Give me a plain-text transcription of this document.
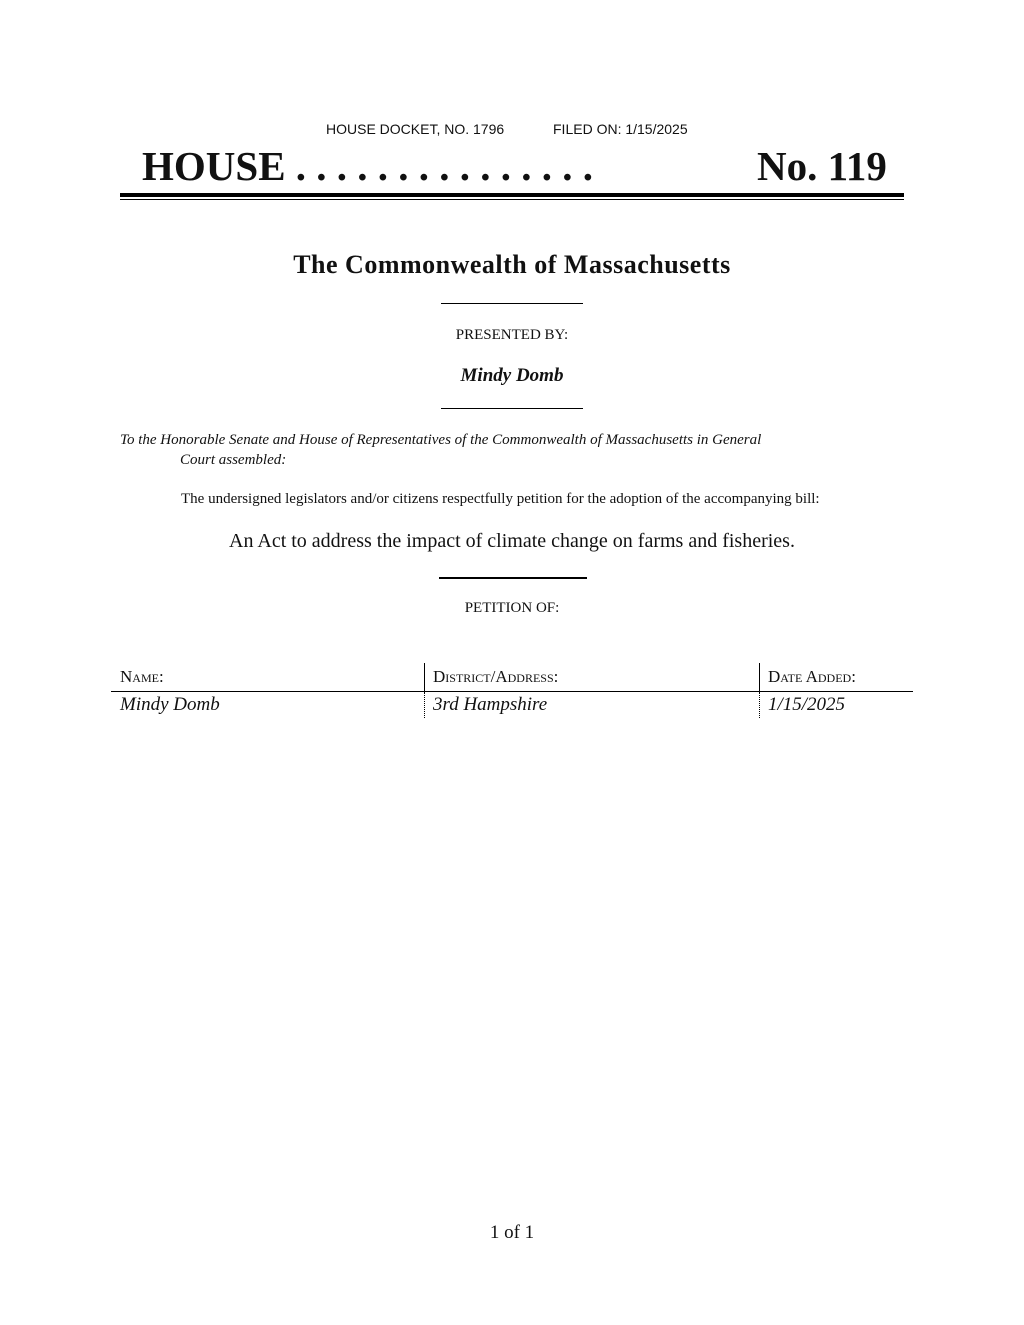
HOUSE DOCKET, NO. 1796	FILED ON: 1/15/2025
HOUSE . . . . . . . . . . . . . . .	No. 119
The Commonwealth of Massachusetts
PRESENTED BY:
Mindy Domb
To the Honorable Senate and House of Representatives of the Commonwealth of Massachusetts in General
Court assembled:
The undersigned legislators and/or citizens respectfully petition for the adoption of the accompanying bill:
An Act to address the impact of climate change on farms and fisheries.
PETITION OF:
Name:	District/Address:	Date Added:
Mindy Domb	3rd Hampshire	1/15/2025
1 of 1
